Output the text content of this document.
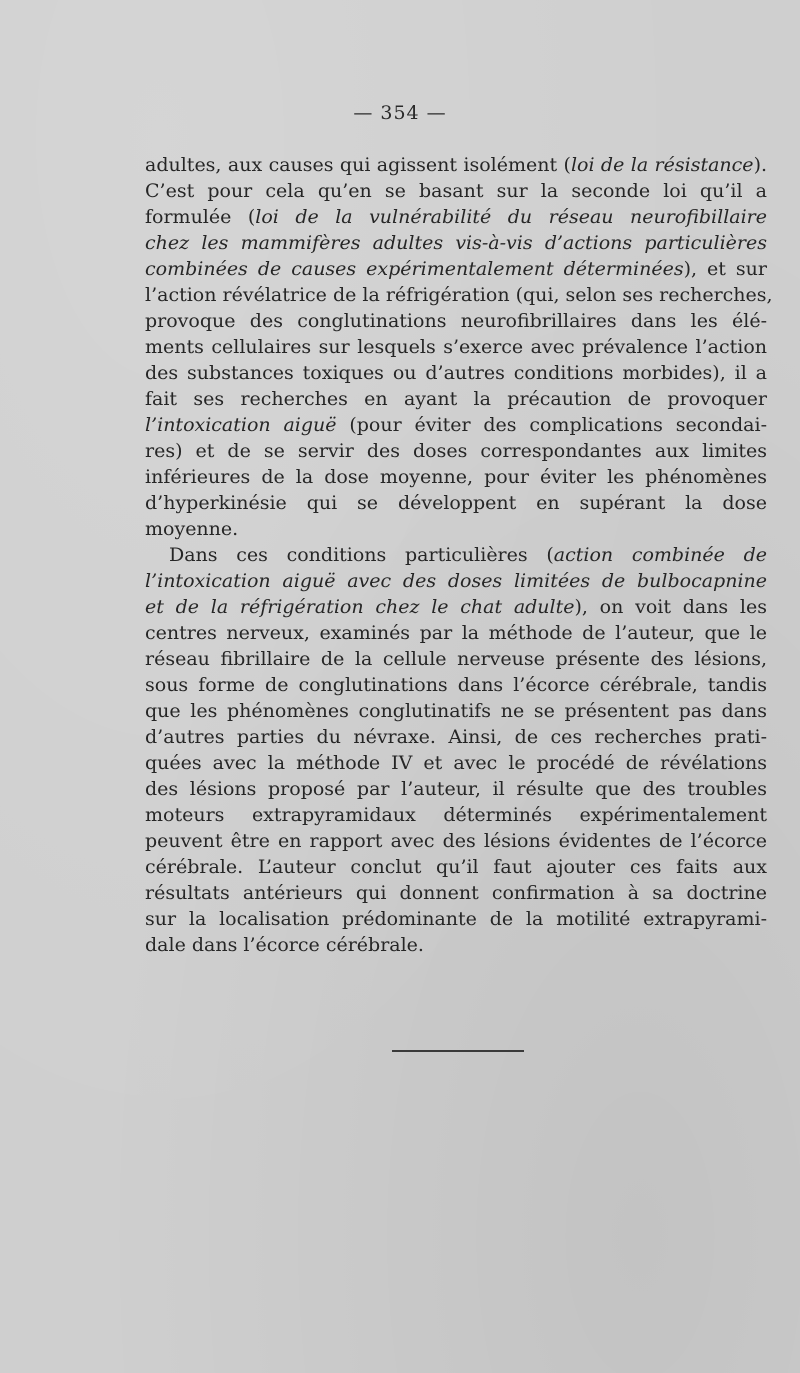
— 354 —
adultes, aux causes qui agissent isolément (loi de la résistance).
C’est pour cela qu’en se basant sur la seconde loi qu’il a
formulée (loi de la vulnérabilité du réseau neurofibillaire
chez les mammifères adultes vis-à-vis d’actions particulières
combinées de causes expérimentalement déterminées), et sur
l’action révélatrice de la réfrigération (qui, selon ses recherches,
provoque des conglutinations neurofibrillaires dans les élé-
ments cellulaires sur lesquels s’exerce avec prévalence l’action
des substances toxiques ou d’autres conditions morbides), il a
fait ses recherches en ayant la précaution de provoquer
l’intoxication aiguë (pour éviter des complications secondai-
res) et de se servir des doses correspondantes aux limites
inférieures de la dose moyenne, pour éviter les phénomènes
d’hyperkinésie qui se développent en supérant la dose
moyenne.
Dans ces conditions particulières (action combinée de
l’intoxication aiguë avec des doses limitées de bulbocapnine
et de la réfrigération chez le chat adulte), on voit dans les
centres nerveux, examinés par la méthode de l’auteur, que le
réseau fibrillaire de la cellule nerveuse présente des lésions,
sous forme de conglutinations dans l’écorce cérébrale, tandis
que les phénomènes conglutinatifs ne se présentent pas dans
d’autres parties du névraxe. Ainsi, de ces recherches prati-
quées avec la méthode IV et avec le procédé de révélations
des lésions proposé par l’auteur, il résulte que des troubles
moteurs extrapyramidaux déterminés expérimentalement
peuvent être en rapport avec des lésions évidentes de l’écorce
cérébrale. L’auteur conclut qu’il faut ajouter ces faits aux
résultats antérieurs qui donnent confirmation à sa doctrine
sur la localisation prédominante de la motilité extrapyrami-
dale dans l’écorce cérébrale.
